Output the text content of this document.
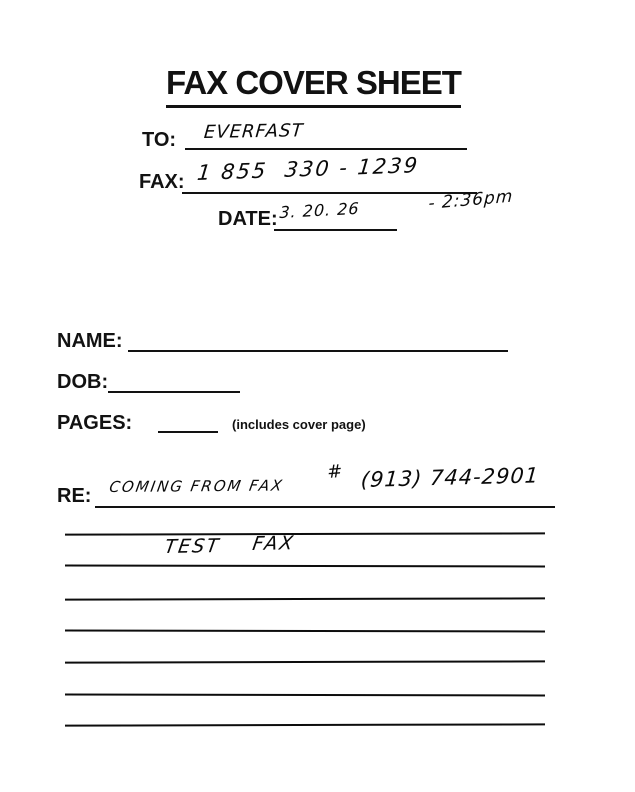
FAX COVER SHEET
TO: EVERFAST
FAX: 1 855  330 - 1239
DATE: 3. 20. 26	- 2:36pm
NAME:
DOB:
PAGES:	(includes cover page)
RE: COMING FROM FAX
# (913) 744-2901
TEST FAX
